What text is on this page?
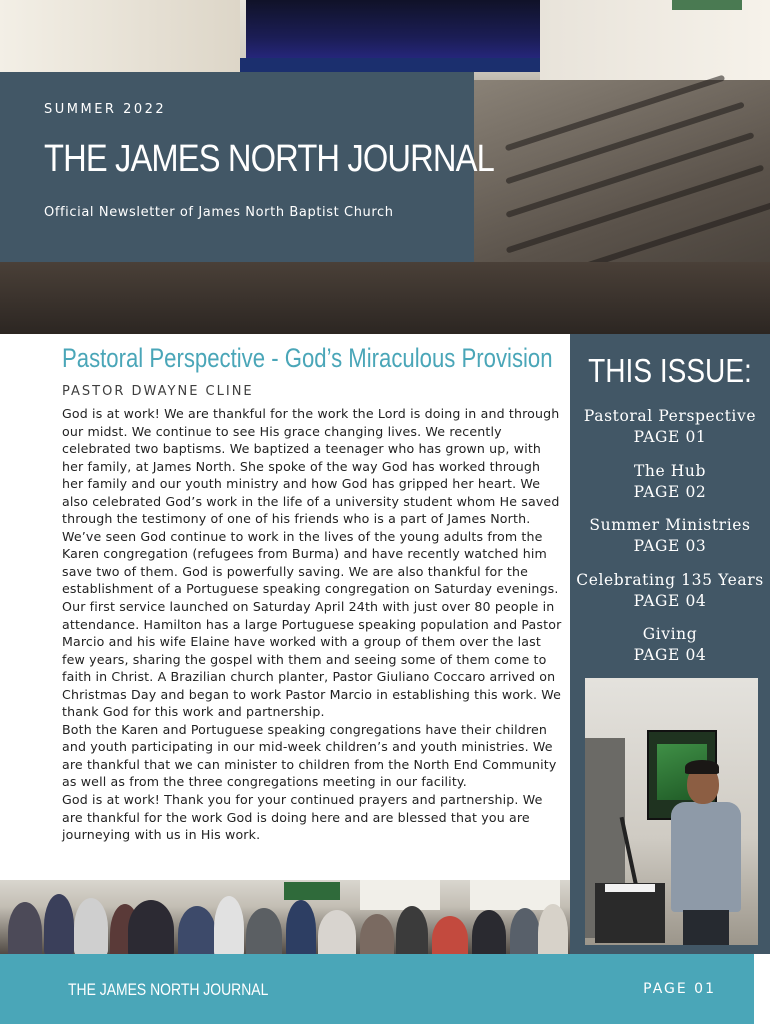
SUMMER 2022
THE JAMES NORTH JOURNAL
Official Newsletter of James North Baptist Church
Pastoral Perspective - God’s Miraculous Provision
PASTOR DWAYNE CLINE

God is at work! We are thankful for the work the Lord is doing in and through our midst. We continue to see His grace changing lives. We recently celebrated two baptisms. We baptized a teenager who has grown up, with her family, at James North. She spoke of the way God has worked through her family and our youth ministry and how God has gripped her heart. We also celebrated God’s work in the life of a university student whom He saved through the testimony of one of his friends who is a part of James North. We’ve seen God continue to work in the lives of the young adults from the Karen congregation (refugees from Burma) and have recently watched him save two of them. God is powerfully saving. We are also thankful for the establishment of a Portuguese speaking congregation on Saturday evenings. Our first service launched on Saturday April 24th with just over 80 people in attendance. Hamilton has a large Portuguese speaking population and Pastor Marcio and his wife Elaine have worked with a group of them over the last few years, sharing the gospel with them and seeing some of them come to faith in Christ. A Brazilian church planter, Pastor Giuliano Coccaro arrived on Christmas Day and began to work Pastor Marcio in establishing this work. We thank God for this work and partnership.

Both the Karen and Portuguese speaking congregations have their children and youth participating in our mid-week children’s and youth ministries. We are thankful that we can minister to children from the North End Community as well as from the three congregations meeting in our facility.

God is at work! Thank you for your continued prayers and partnership. We are thankful for the work God is doing here and are blessed that you are journeying with us in His work.

THIS ISSUE:
Pastoral Perspective
PAGE 01
The Hub
PAGE 02
Summer Ministries
PAGE 03
Celebrating 135 Years
PAGE 04
Giving
PAGE 04
THE JAMES NORTH JOURNAL	PAGE 01
